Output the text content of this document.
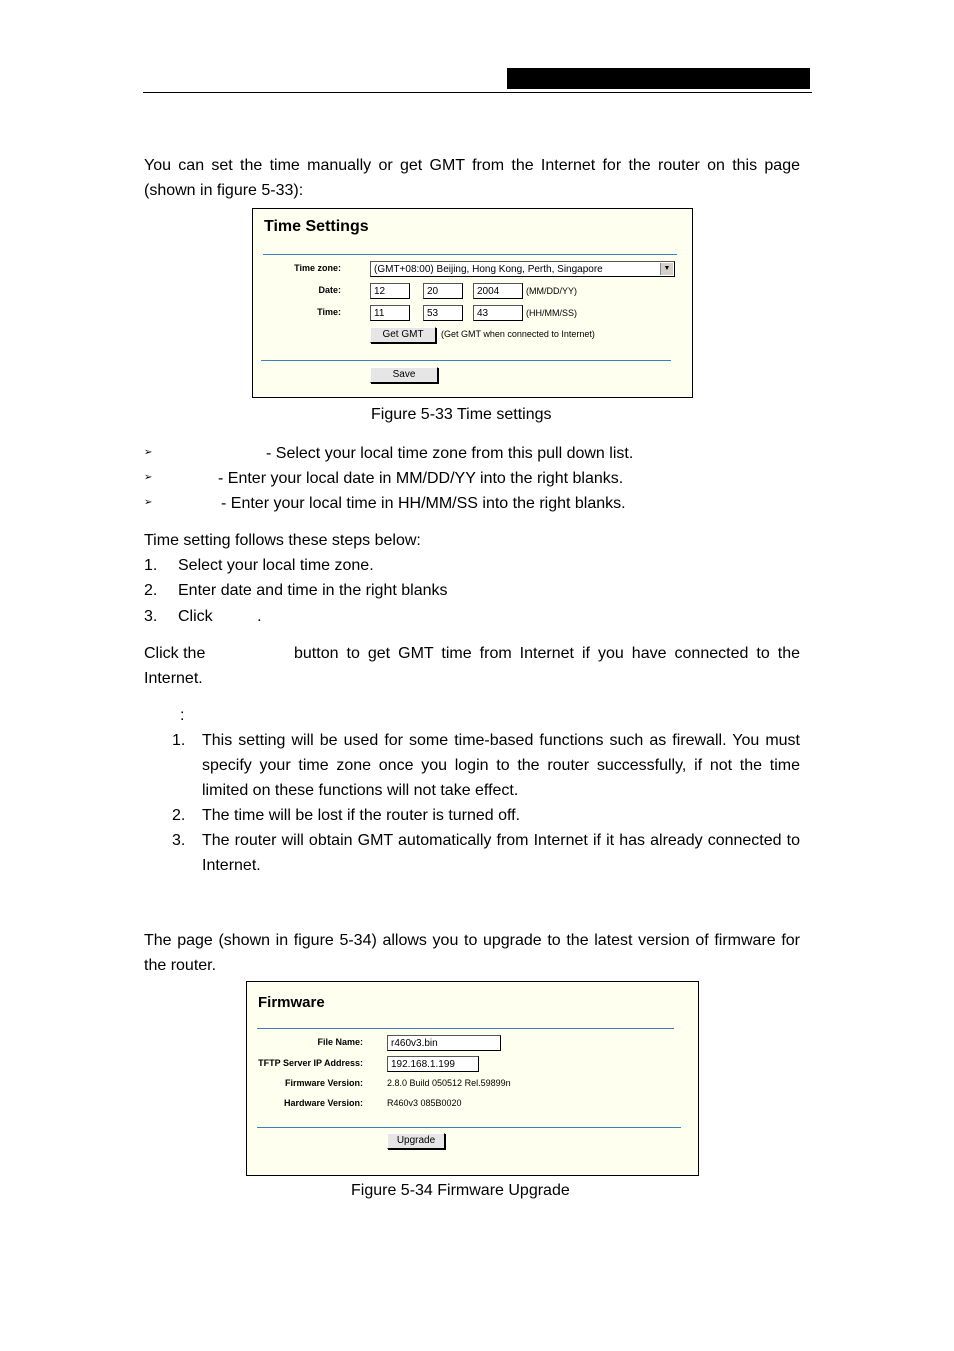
You can set the time manually or get GMT from the Internet for the router on this page (shown in figure 5-33):
Time Settings
Time zone:	(GMT+08:00) Beijing, Hong Kong, Perth, Singapore	▼
Date:	12	20	2004	(MM/DD/YY)
Time:	11	53	43	(HH/MM/SS)
Get GMT	(Get GMT when connected to Internet)
Save
Figure 5-33 Time settings
➢	- Select your local time zone from this pull down list.
➢	- Enter your local date in MM/DD/YY into the right blanks.
➢	- Enter your local time in HH/MM/SS into the right blanks.
Time setting follows these steps below:
1. Select your local time zone.
2. Enter date and time in the right blanks
3. Click          .
Click the	button to get GMT time from Internet if you have connected to the
Internet.
:
1. This setting will be used for some time-based functions such as firewall. You must specify your time zone once you login to the router successfully, if not the time limited on these functions will not take effect.
2. The time will be lost if the router is turned off.
3. The router will obtain GMT automatically from Internet if it has already connected to Internet.
The page (shown in figure 5-34) allows you to upgrade to the latest version of firmware for the router.
Firmware
File Name:	r460v3.bin
TFTP Server IP Address:	192.168.1.199
Firmware Version:	2.8.0 Build 050512 Rel.59899n
Hardware Version:	R460v3 085B0020
Upgrade
Figure 5-34 Firmware Upgrade
